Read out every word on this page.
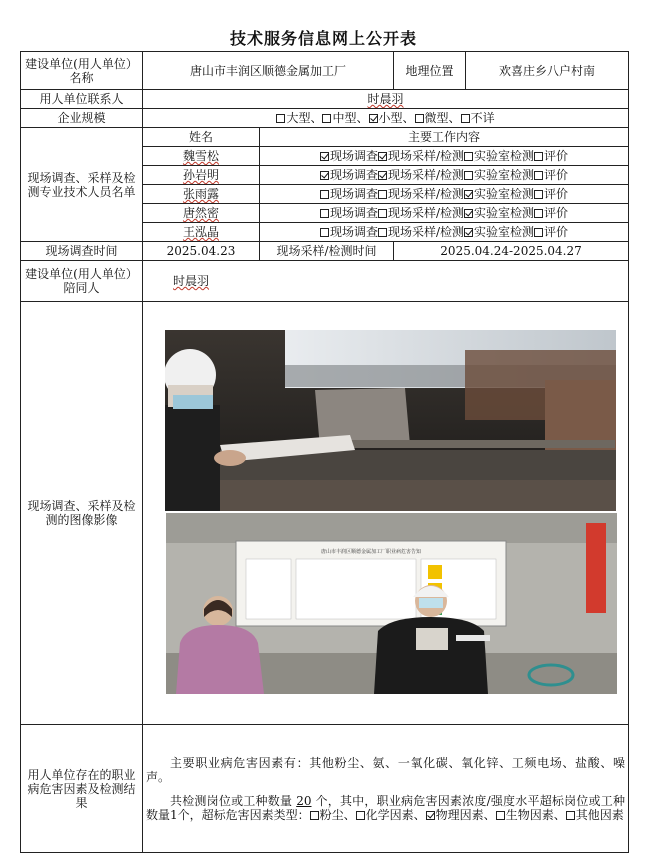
技术服务信息网上公开表
建设单位(用人单位）名称	唐山市丰润区顺德金属加工厂		地理位置	欢喜庄乡八户村南
用人单位联系人	时晨羽			
企业规模	大型、 中型、 小型、 微型、 不详			
现场调查、采样及检测专业技术人员名单	姓名	主要工作内容		
	魏雪松	现场调查 现场采样/检测 实验室检测 评价		
	孙岩明	现场调查 现场采样/检测 实验室检测 评价		
	张雨露	现场调查 现场采样/检测 实验室检测 评价		
	唐然密	现场调查 现场采样/检测 实验室检测 评价		
	王泓晶	现场调查 现场采样/检测 实验室检测 评价		
现场调查时间	2025.04.23	现场采样/检测时间	2025.04.24-2025.04.27	
建设单位(用人单位）陪同人	时晨羽			
现场调查、采样及检测的图像影像				
用人单位存在的职业病危害因素及检测结果	主要职业病危害因素有：其他粉尘、氨、一氧化碳、氧化锌、工频电场、盐酸、噪声。
共检测岗位或工种数量 20 个，其中，职业病危害因素浓度/强度水平超标岗位或工种数量1个，超标危害因素类型： 粉尘、 化学因素、 物理因素、 生物因素、 其他因素			
唐山市丰润区顺德金属加工厂职业病危害告知
